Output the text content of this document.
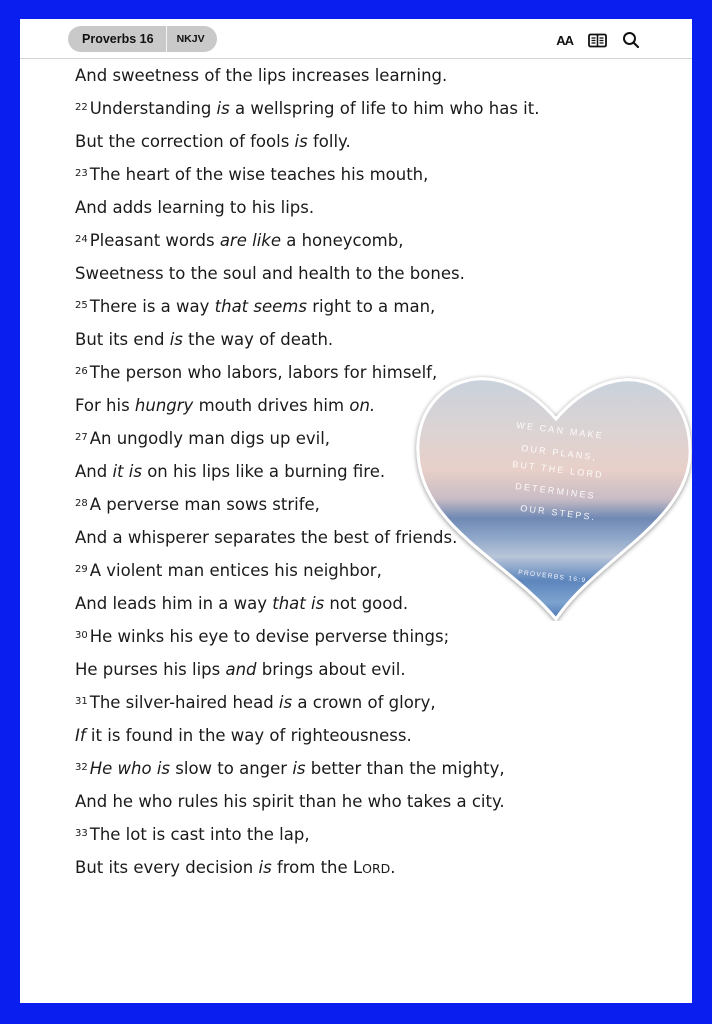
Proverbs 16	NKJV	AA
And sweetness of the lips increases learning.
$^{22}$ Understanding is a wellspring of life to him who has it.
But the correction of fools is folly.
$^{23}$ The heart of the wise teaches his mouth,
And adds learning to his lips.
$^{24}$ Pleasant words are like a honeycomb,
Sweetness to the soul and health to the bones.
$^{25}$ There is a way that seems right to a man,
But its end is the way of death.
$^{26}$ The person who labors, labors for himself,
For his hungry mouth drives him on.
$^{27}$ An ungodly man digs up evil,
And it is on his lips like a burning fire.
$^{28}$ A perverse man sows strife,
And a whisperer separates the best of friends.
$^{29}$ A violent man entices his neighbor,
And leads him in a way that is not good.
$^{30}$ He winks his eye to devise perverse things;
He purses his lips and brings about evil.
$^{31}$ The silver-haired head is a crown of glory,
If it is found in the way of righteousness.
$^{32}$ He who is slow to anger is better than the mighty,
And he who rules his spirit than he who takes a city.
$^{33}$ The lot is cast into the lap,
But its every decision is from the LORD.
WE CAN MAKE
OUR PLANS,
BUT THE LORD
DETERMINES
OUR STEPS.
PROVERBS 16:9
